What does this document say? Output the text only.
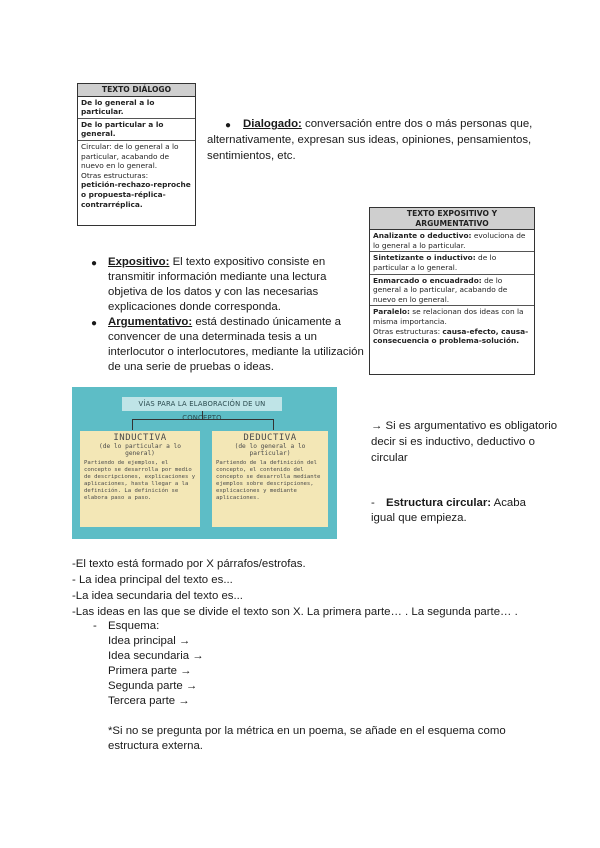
TEXTO DIÁLOGO
De lo general a lo particular.
De lo particular a lo general.
Circular: de lo general a lo particular, acabando de nuevo en lo general.
Otras estructuras:
petición-rechazo-reproche o propuesta-réplica-contrarréplica.
● Dialogado: conversación entre dos o más personas que,
alternativamente, expresan sus ideas, opiniones, pensamientos,
sentimientos, etc.
TEXTO EXPOSITIVO Y ARGUMENTATIVO
Analizante o deductivo: evoluciona de lo general a lo particular.
Sintetizante o inductivo: de lo particular a lo general.
Enmarcado o encuadrado: de lo general a lo particular, acabando de nuevo en lo general.
Paralelo: se relacionan dos ideas con la misma importancia.
Otras estructuras: causa-efecto, causa-consecuencia o problema-solución.
● Expositivo: El texto expositivo consiste en
transmitir información mediante una lectura
objetiva de los datos y con las necesarias
explicaciones donde corresponda.
● Argumentativo: está destinado únicamente a
convencer de una determinada tesis a un
interlocutor o interlocutores, mediante la utilización
de una serie de pruebas o ideas.
VÍAS PARA LA ELABORACIÓN DE UN CONCEPTO
INDUCTIVA
(de lo particular a lo general)
Partiendo de ejemplos, el concepto se desarrolla por medio de descripciones, explicaciones y aplicaciones, hasta llegar a la definición. La definición se elabora paso a paso.
DEDUCTIVA
(de lo general a lo particular)
Partiendo de la definición del concepto, el contenido del concepto se desarrolla mediante ejemplos sobre descripciones, explicaciones y mediante aplicaciones.
→ Si es argumentativo es obligatorio
decir si es inductivo, deductivo o
circular
- Estructura circular: Acaba
igual que empieza.
-El texto está formado por X párrafos/estrofas.
- La idea principal del texto es...
-La idea secundaria del texto es...
-Las ideas en las que se divide el texto son X. La primera parte… . La segunda parte… .
- Esquema:
Idea principal →
Idea secundaria →
Primera parte →
Segunda parte →
Tercera parte →
*Si no se pregunta por la métrica en un poema, se añade en el esquema como
estructura externa.
